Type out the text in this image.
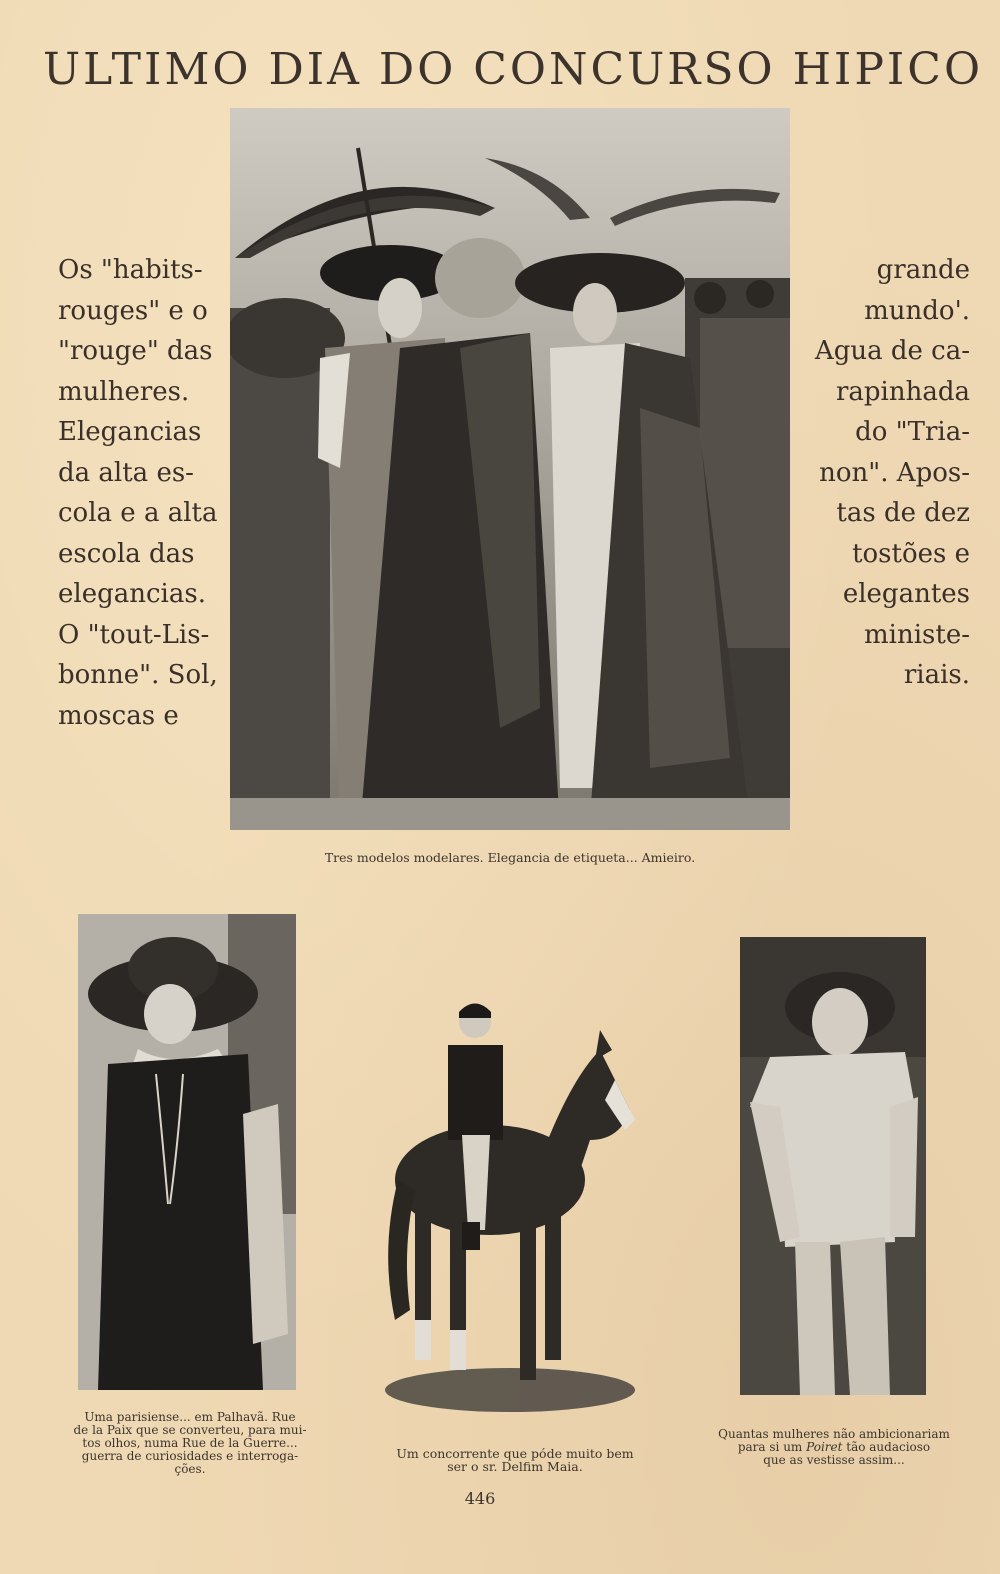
ULTIMO DIA DO CONCURSO HIPICO
Os "habits-
rouges" e o
"rouge" das
mulheres.
Elegancias
da alta es-
cola e a alta
escola das
elegancias.
O "tout-Lis-
bonne". Sol,
moscas e
grande
mundo'.
Agua de ca-
rapinhada
do "Tria-
non". Apos-
tas de dez
tostões e
elegantes
ministe-
riais.
Tres modelos modelares. Elegancia de etiqueta... Amieiro.
Uma parisiense... em Palhavã. Rue
de la Paix que se converteu, para mui-
tos olhos, numa Rue de la Guerre...
guerra de curiosidades e interroga-
ções.
Um concorrente que póde muito bem
ser o sr. Delfim Maia.
Quantas mulheres não ambicionariam
para si um Poiret tão audacioso
que as vestisse assim...
446
